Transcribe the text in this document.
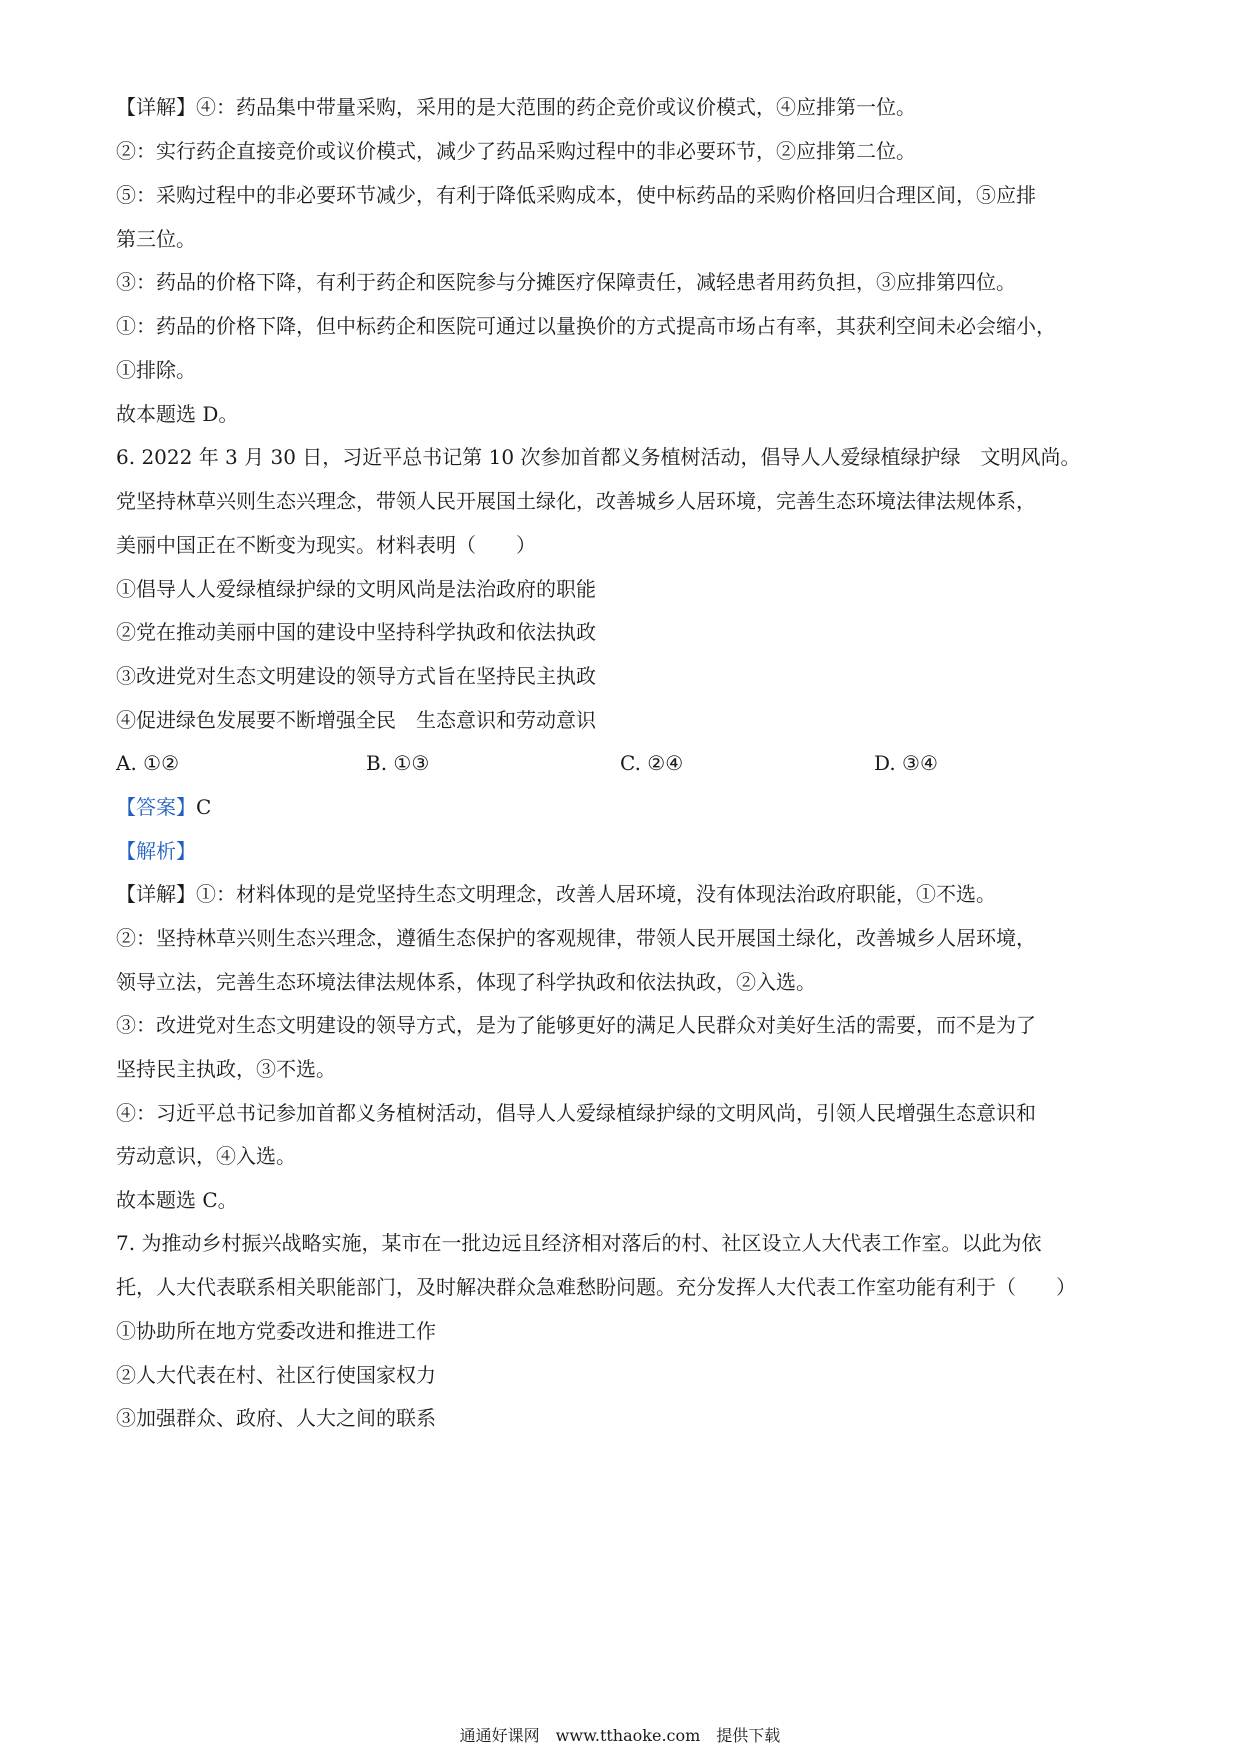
【详解】④：药品集中带量采购，采用的是大范围的药企竞价或议价模式，④应排第一位。
②：实行药企直接竞价或议价模式，减少了药品采购过程中的非必要环节，②应排第二位。
⑤：采购过程中的非必要环节减少，有利于降低采购成本，使中标药品的采购价格回归合理区间，⑤应排
第三位。
③：药品的价格下降，有利于药企和医院参与分摊医疗保障责任，减轻患者用药负担，③应排第四位。
①：药品的价格下降，但中标药企和医院可通过以量换价的方式提高市场占有率，其获利空间未必会缩小，
①排除。
故本题选 D。
6. 2022 年 3 月 30 日，习近平总书记第 10 次参加首都义务植树活动，倡导人人爱绿植绿护绿　文明风尚。
党坚持林草兴则生态兴理念，带领人民开展国土绿化，改善城乡人居环境，完善生态环境法律法规体系，
美丽中国正在不断变为现实。材料表明（　　）
①倡导人人爱绿植绿护绿的文明风尚是法治政府的职能
②党在推动美丽中国的建设中坚持科学执政和依法执政
③改进党对生态文明建设的领导方式旨在坚持民主执政
④促进绿色发展要不断增强全民　生态意识和劳动意识
A. ①②	B. ①③	C. ②④	D. ③④
【答案】C
【解析】
【详解】①：材料体现的是党坚持生态文明理念，改善人居环境，没有体现法治政府职能，①不选。
②：坚持林草兴则生态兴理念，遵循生态保护的客观规律，带领人民开展国土绿化，改善城乡人居环境，
领导立法，完善生态环境法律法规体系，体现了科学执政和依法执政，②入选。
③：改进党对生态文明建设的领导方式，是为了能够更好的满足人民群众对美好生活的需要，而不是为了
坚持民主执政，③不选。
④：习近平总书记参加首都义务植树活动，倡导人人爱绿植绿护绿的文明风尚，引领人民增强生态意识和
劳动意识，④入选。
故本题选 C。
7. 为推动乡村振兴战略实施，某市在一批边远且经济相对落后的村、社区设立人大代表工作室。以此为依
托，人大代表联系相关职能部门，及时解决群众急难愁盼问题。充分发挥人大代表工作室功能有利于（　　）
①协助所在地方党委改进和推进工作
②人大代表在村、社区行使国家权力
③加强群众、政府、人大之间的联系
通通好课网　www.tthaoke.com　提供下载
